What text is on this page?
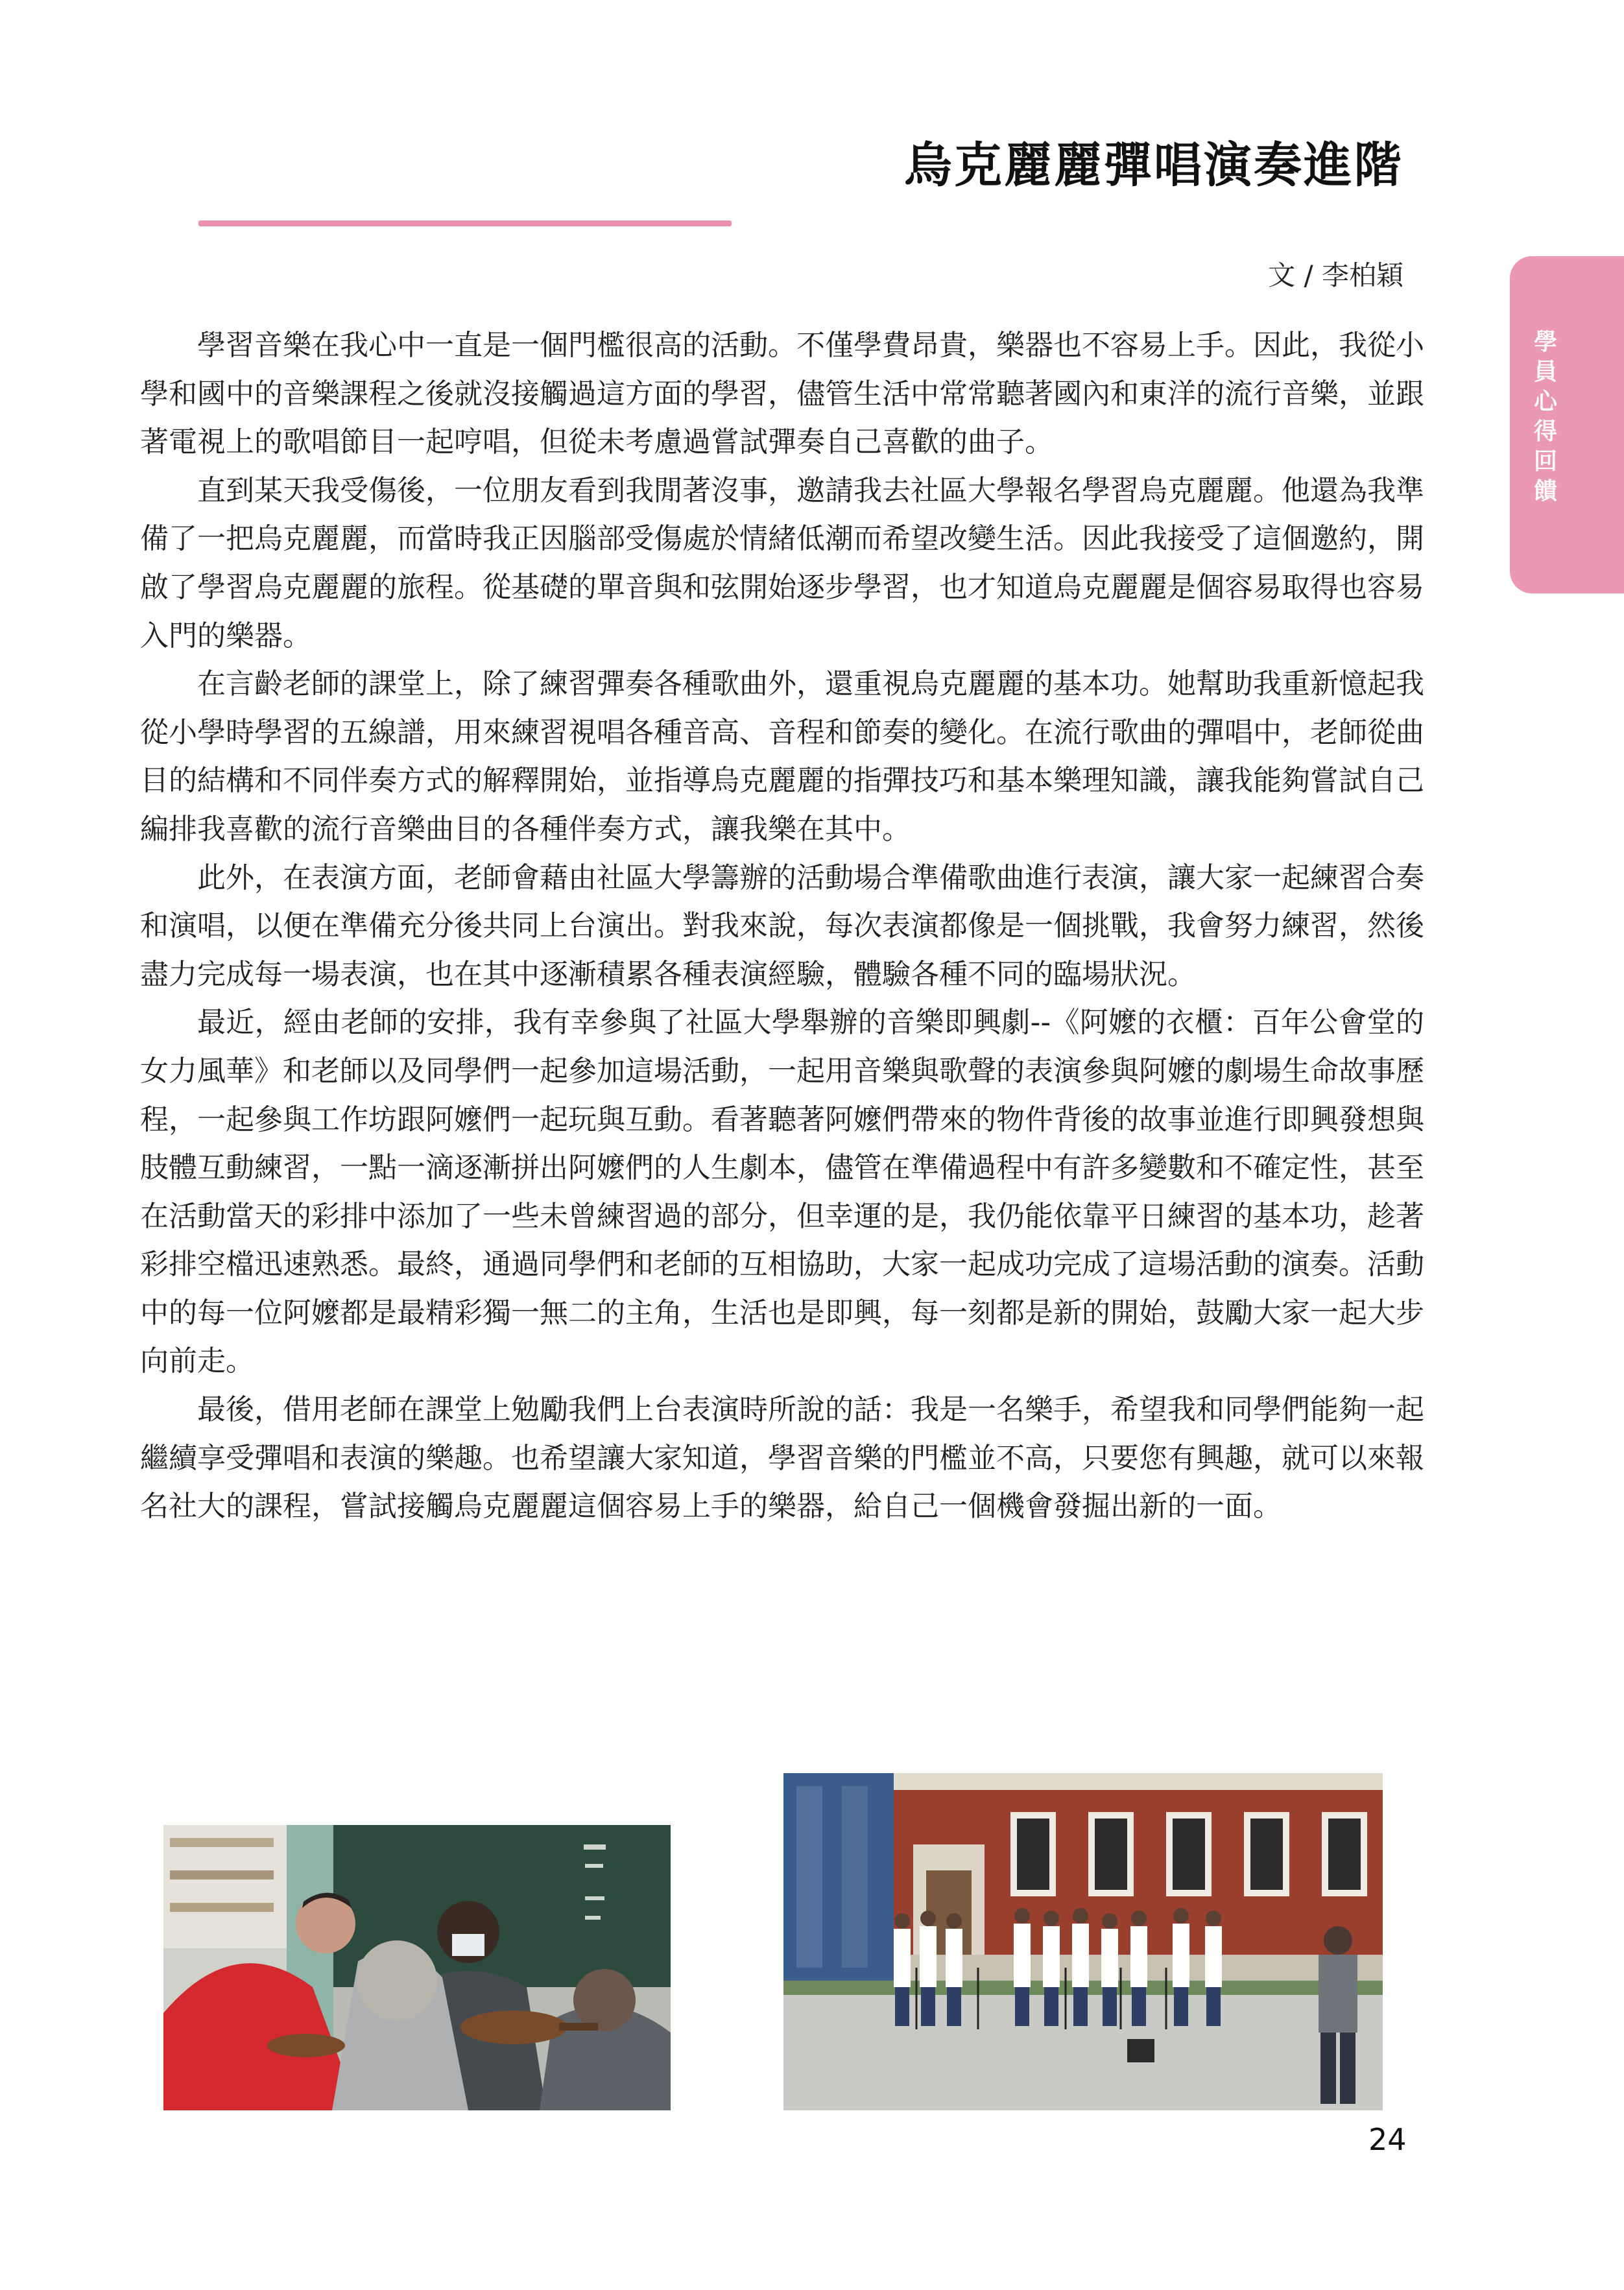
烏克麗麗彈唱演奏進階
文 / 李柏穎
學員心得回饋

學習音樂在我心中一直是一個門檻很高的活動。不僅學費昂貴，樂器也不容易上手。因此，我從小學和國中的音樂課程之後就沒接觸過這方面的學習，儘管生活中常常聽著國內和東洋的流行音樂，並跟著電視上的歌唱節目一起哼唱，但從未考慮過嘗試彈奏自己喜歡的曲子。

直到某天我受傷後，一位朋友看到我閒著沒事，邀請我去社區大學報名學習烏克麗麗。他還為我準備了一把烏克麗麗，而當時我正因腦部受傷處於情緒低潮而希望改變生活。因此我接受了這個邀約，開啟了學習烏克麗麗的旅程。從基礎的單音與和弦開始逐步學習，也才知道烏克麗麗是個容易取得也容易入門的樂器。

在言齡老師的課堂上，除了練習彈奏各種歌曲外，還重視烏克麗麗的基本功。她幫助我重新憶起我從小學時學習的五線譜，用來練習視唱各種音高、音程和節奏的變化。在流行歌曲的彈唱中，老師從曲目的結構和不同伴奏方式的解釋開始，並指導烏克麗麗的指彈技巧和基本樂理知識，讓我能夠嘗試自己編排我喜歡的流行音樂曲目的各種伴奏方式，讓我樂在其中。

此外，在表演方面，老師會藉由社區大學籌辦的活動場合準備歌曲進行表演，讓大家一起練習合奏和演唱，以便在準備充分後共同上台演出。對我來說，每次表演都像是一個挑戰，我會努力練習，然後盡力完成每一場表演，也在其中逐漸積累各種表演經驗，體驗各種不同的臨場狀況。

最近，經由老師的安排，我有幸參與了社區大學舉辦的音樂即興劇--《阿嬤的衣櫃：百年公會堂的女力風華》和老師以及同學們一起參加這場活動，一起用音樂與歌聲的表演參與阿嬤的劇場生命故事歷程，一起參與工作坊跟阿嬤們一起玩與互動。看著聽著阿嬤們帶來的物件背後的故事並進行即興發想與肢體互動練習，一點一滴逐漸拼出阿嬤們的人生劇本，儘管在準備過程中有許多變數和不確定性，甚至在活動當天的彩排中添加了一些未曾練習過的部分，但幸運的是，我仍能依靠平日練習的基本功，趁著彩排空檔迅速熟悉。最終，通過同學們和老師的互相協助，大家一起成功完成了這場活動的演奏。活動中的每一位阿嬤都是最精彩獨一無二的主角，生活也是即興，每一刻都是新的開始，鼓勵大家一起大步向前走。

最後，借用老師在課堂上勉勵我們上台表演時所說的話：我是一名樂手，希望我和同學們能夠一起繼續享受彈唱和表演的樂趣。也希望讓大家知道，學習音樂的門檻並不高，只要您有興趣，就可以來報名社大的課程，嘗試接觸烏克麗麗這個容易上手的樂器，給自己一個機會發掘出新的一面。

24
